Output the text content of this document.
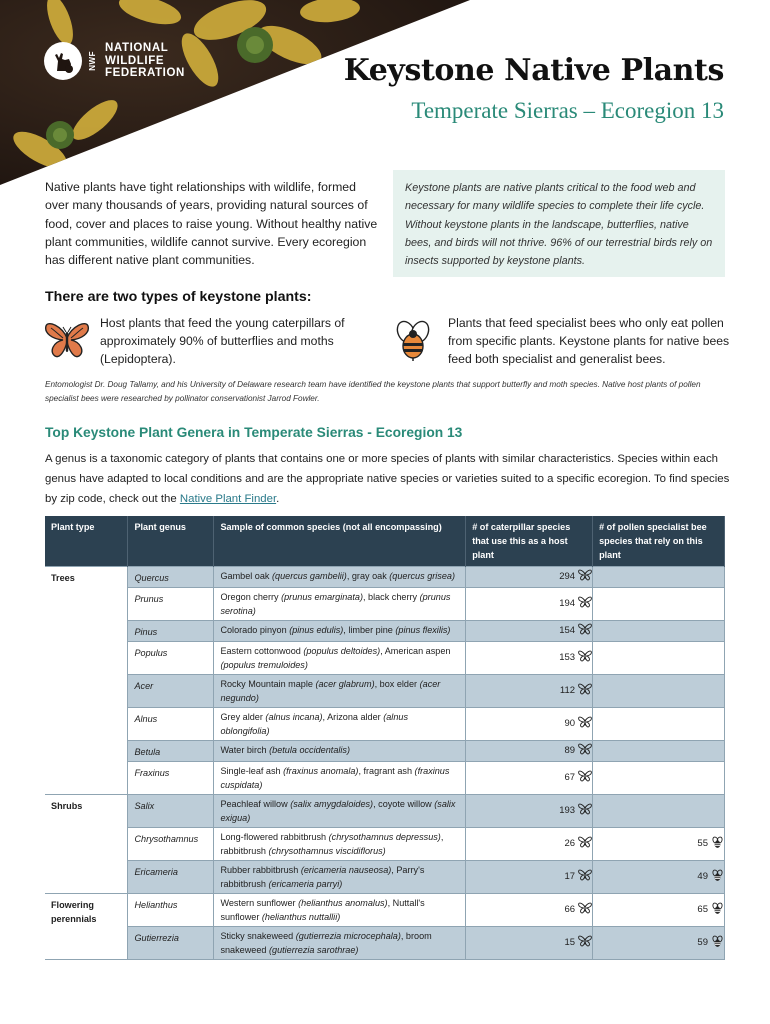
NWF
NATIONAL
WILDLIFE
FEDERATION	Keystone Native Plants
Temperate Sierras – Ecoregion 13

Native plants have tight relationships with wildlife, formed over many thousands of years, providing natural sources of food, cover and places to raise young. Without healthy native plant communities, wildlife cannot survive. Every ecoregion has different native plant communities.

Keystone plants are native plants critical to the food web and necessary for many wildlife species to complete their life cycle. Without keystone plants in the landscape, butterflies, native bees, and birds will not thrive. 96% of our terrestrial birds rely on insects supported by keystone plants.
There are two types of keystone plants:

Host plants that feed the young caterpillars of approximately 90% of butterflies and moths (Lepidoptera).

Plants that feed specialist bees who only eat pollen from specific plants. Keystone plants for native bees feed both specialist and generalist bees.

Entomologist Dr. Doug Tallamy, and his University of Delaware research team have identified the keystone plants that support butterfly and moth species. Native host plants of pollen specialist bees were researched by pollinator conservationist Jarrod Fowler.

Top Keystone Plant Genera in Temperate Sierras - Ecoregion 13

A genus is a taxonomic category of plants that contains one or more species of plants with similar characteristics. Species within each genus have adapted to local conditions and are the appropriate native species or varieties suited to a specific ecoregion. To find species by zip code, check out the Native Plant Finder.

Plant type	Plant genus	Sample of common species (not all encompassing)	# of caterpillar species that use this as a host plant	# of pollen specialist bee species that rely on this plant
Trees	Quercus	Gambel oak (quercus gambelii), gray oak (quercus grisea)	294	
	Prunus	Oregon cherry (prunus emarginata), black cherry (prunus serotina)	194	
	Pinus	Colorado pinyon (pinus edulis), limber pine (pinus flexilis)	154	
	Populus	Eastern cottonwood (populus deltoides), American aspen (populus tremuloides)	153	
	Acer	Rocky Mountain maple (acer glabrum), box elder (acer negundo)	112	
	Alnus	Grey alder (alnus incana), Arizona alder (alnus oblongifolia)	90	
	Betula	Water birch (betula occidentalis)	89	
	Fraxinus	Single-leaf ash (fraxinus anomala), fragrant ash (fraxinus cuspidata)	67	
Shrubs	Salix	Peachleaf willow (salix amygdaloides), coyote willow (salix exigua)	193	
	Chrysothamnus	Long-flowered rabbitbrush (chrysothamnus depressus), rabbitbrush (chrysothamnus viscidiflorus)	26	55
	Ericameria	Rubber rabbitbrush (ericameria nauseosa), Parry's rabbitbrush (ericameria parryi)	17	49
Flowering perennials	Helianthus	Western sunflower (helianthus anomalus), Nuttall's sunflower (helianthus nuttallii)	66	65
	Gutierrezia	Sticky snakeweed (gutierrezia microcephala), broom snakeweed (gutierrezia sarothrae)	15	59
